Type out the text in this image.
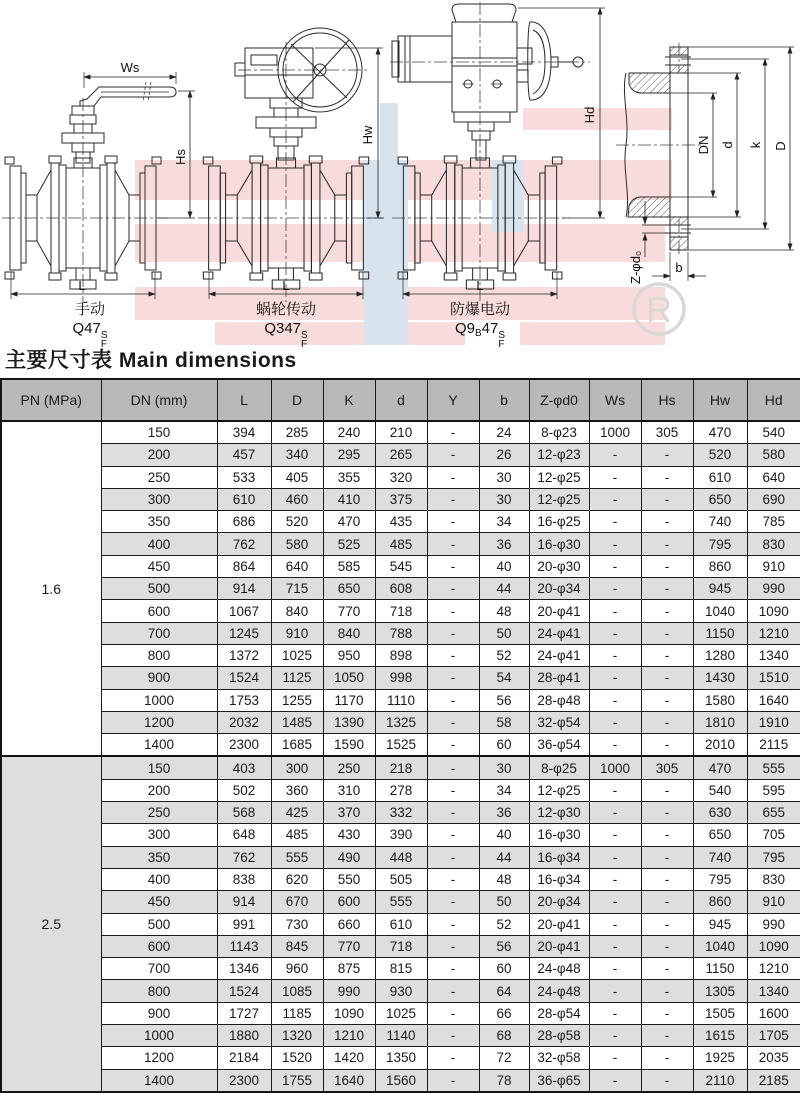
R
Ws
Hs
L
Hw
L
Hd
L
DN d k D
Z-φd₀ b
手动
Q47 S
F
蜗轮传动
Q347 S
F
防爆电动
$Q9_B47$ S
F
主要尺寸表 Main dimensions
PN (MPa)	DN (mm)	L	D	K	d	Y	b	Z-φd0	Ws	Hs	Hw	Hd
1.6	150	394	285	240	210	-	24	8-φ23	1000	305	470	540
	200	457	340	295	265	-	26	12-φ23	-	-	520	580
	250	533	405	355	320	-	30	12-φ25	-	-	610	640
	300	610	460	410	375	-	30	12-φ25	-	-	650	690
	350	686	520	470	435	-	34	16-φ25	-	-	740	785
	400	762	580	525	485	-	36	16-φ30	-	-	795	830
	450	864	640	585	545	-	40	20-φ30	-	-	860	910
	500	914	715	650	608	-	44	20-φ34	-	-	945	990
	600	1067	840	770	718	-	48	20-φ41	-	-	1040	1090
	700	1245	910	840	788	-	50	24-φ41	-	-	1150	1210
	800	1372	1025	950	898	-	52	24-φ41	-	-	1280	1340
	900	1524	1125	1050	998	-	54	28-φ41	-	-	1430	1510
	1000	1753	1255	1170	1110	-	56	28-φ48	-	-	1580	1640
	1200	2032	1485	1390	1325	-	58	32-φ54	-	-	1810	1910
	1400	2300	1685	1590	1525	-	60	36-φ54	-	-	2010	2115
2.5	150	403	300	250	218	-	30	8-φ25	1000	305	470	555
	200	502	360	310	278	-	34	12-φ25	-	-	540	595
	250	568	425	370	332	-	36	12-φ30	-	-	630	655
	300	648	485	430	390	-	40	16-φ30	-	-	650	705
	350	762	555	490	448	-	44	16-φ34	-	-	740	795
	400	838	620	550	505	-	48	16-φ34	-	-	795	830
	450	914	670	600	555	-	50	20-φ34	-	-	860	910
	500	991	730	660	610	-	52	20-φ41	-	-	945	990
	600	1143	845	770	718	-	56	20-φ41	-	-	1040	1090
	700	1346	960	875	815	-	60	24-φ48	-	-	1150	1210
	800	1524	1085	990	930	-	64	24-φ48	-	-	1305	1340
	900	1727	1185	1090	1025	-	66	28-φ54	-	-	1505	1600
	1000	1880	1320	1210	1140	-	68	28-φ58	-	-	1615	1705
	1200	2184	1520	1420	1350	-	72	32-φ58	-	-	1925	2035
	1400	2300	1755	1640	1560	-	78	36-φ65	-	-	2110	2185
